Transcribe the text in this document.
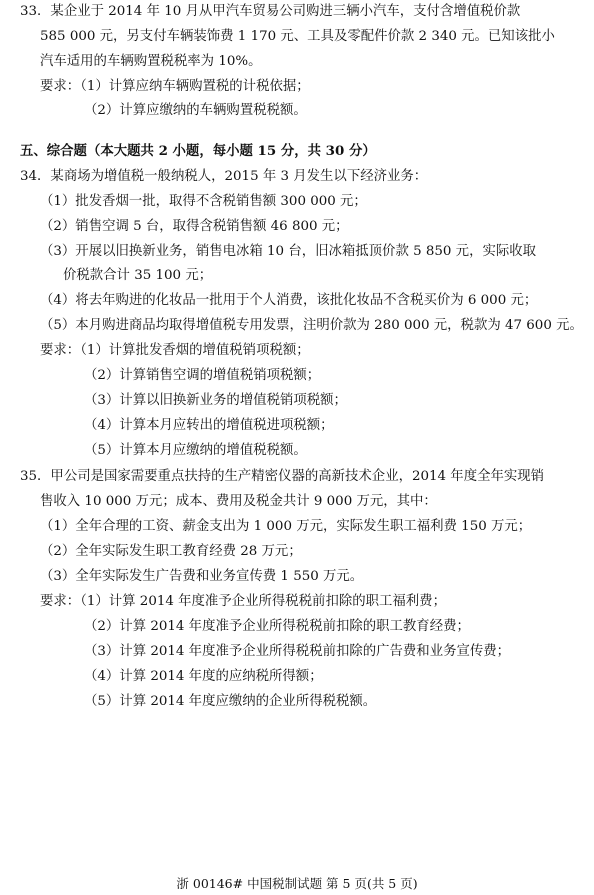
33．某企业于 2014 年 10 月从甲汽车贸易公司购进三辆小汽车，支付含增值税价款
585 000 元，另支付车辆装饰费 1 170 元、工具及零配件价款 2 340 元。已知该批小
汽车适用的车辆购置税税率为 10%。
要求：（1）计算应纳车辆购置税的计税依据；
（2）计算应缴纳的车辆购置税税额。
五、综合题（本大题共 2 小题，每小题 15 分，共 30 分）
34．某商场为增值税一般纳税人，2015 年 3 月发生以下经济业务：
（1）批发香烟一批，取得不含税销售额 300 000 元；
（2）销售空调 5 台，取得含税销售额 46 800 元；
（3）开展以旧换新业务，销售电冰箱 10 台，旧冰箱抵顶价款 5 850 元，实际收取
价税款合计 35 100 元；
（4）将去年购进的化妆品一批用于个人消费，该批化妆品不含税买价为 6 000 元；
（5）本月购进商品均取得增值税专用发票，注明价款为 280 000 元，税款为 47 600 元。
要求：（1）计算批发香烟的增值税销项税额；
（2）计算销售空调的增值税销项税额；
（3）计算以旧换新业务的增值税销项税额；
（4）计算本月应转出的增值税进项税额；
（5）计算本月应缴纳的增值税税额。
35．甲公司是国家需要重点扶持的生产精密仪器的高新技术企业，2014 年度全年实现销
售收入 10 000 万元；成本、费用及税金共计 9 000 万元，其中：
（1）全年合理的工资、薪金支出为 1 000 万元，实际发生职工福利费 150 万元；
（2）全年实际发生职工教育经费 28 万元；
（3）全年实际发生广告费和业务宣传费 1 550 万元。
要求：（1）计算 2014 年度准予企业所得税税前扣除的职工福利费；
（2）计算 2014 年度准予企业所得税税前扣除的职工教育经费；
（3）计算 2014 年度准予企业所得税税前扣除的广告费和业务宣传费；
（4）计算 2014 年度的应纳税所得额；
（5）计算 2014 年度应缴纳的企业所得税税额。
浙 00146# 中国税制试题 第 5 页(共 5 页)
